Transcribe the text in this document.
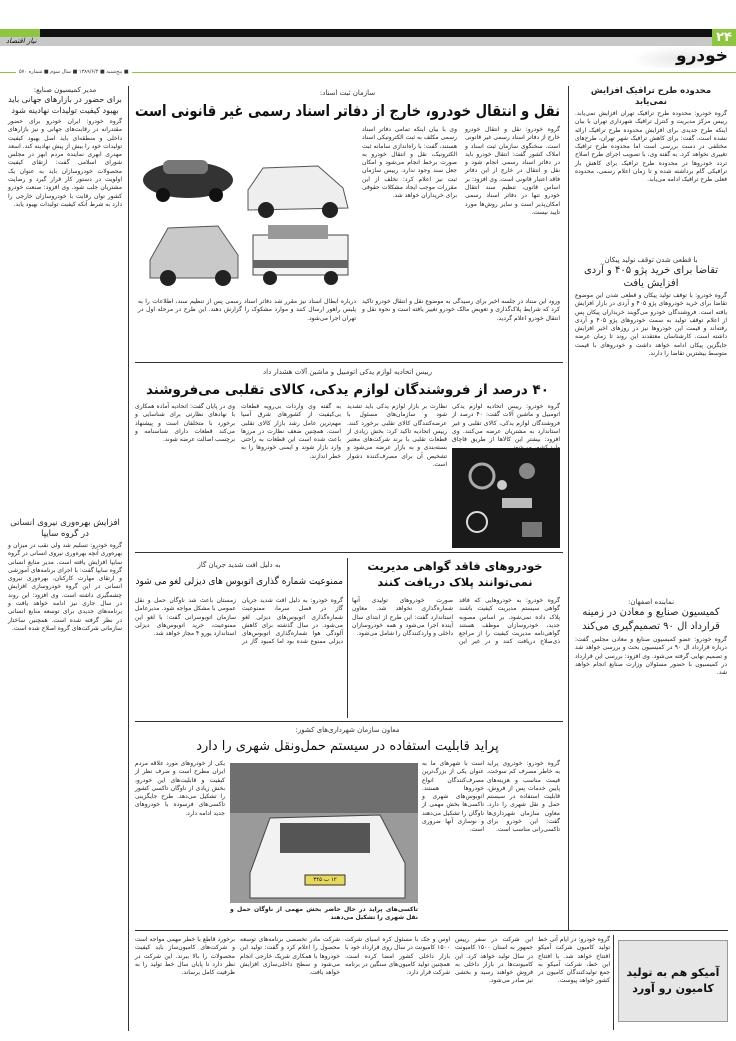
نیاز اقتصاد	۲۴
خودرو
■ پنج‌شنبه ■ ۱۳۸۹/۶/۴ ■ سال سوم ■ شماره ۵۷۰
محدوده طرح ترافیک افزایش نمی‌یابد
گروه خودرو: محدوده طرح ترافیک تهران افزایش نمی‌یابد. رییس مرکز مدیریت و کنترل ترافیک شهرداری تهران با بیان اینکه طرح جدیدی برای افزایش محدوده طرح ترافیک ارائه نشده است، گفت: برای کاهش ترافیک شهر تهران، طرح‌های مختلفی در دست بررسی است اما محدوده طرح ترافیک تغییری نخواهد کرد. به گفته وی، با تصویب اجرای طرح اصلاح تردد خودروها در محدوده طرح ترافیک برای کاهش بار ترافیکی گام برداشته شده و تا زمان اعلام رسمی، محدوده فعلی طرح ترافیک ادامه می‌یابد.
با قطعی شدن توقف تولید پیکان
تقاضا برای خرید پژو ۴۰۵ و آردی افزایش یافت
گروه خودرو: با توقف تولید پیکان و قطعی شدن این موضوع تقاضا برای خرید خودروهای پژو ۴۰۵ و آردی در بازار افزایش یافته است. فروشندگان خودرو می‌گویند خریداران پیکان پس از اعلام توقف تولید به سمت خودروهای پژو ۴۰۵ و آردی رفته‌اند و قیمت این خودروها نیز در روزهای اخیر افزایش داشته است. کارشناسان معتقدند این روند تا زمان عرضه جایگزین پیکان ادامه خواهد داشت و خودروهای با قیمت متوسط بیشترین تقاضا را دارند.
نماینده اصفهان:
کمیسیون صنایع و معادن در زمینه قرارداد ال ۹۰ تصمیم‌گیری می‌کند
گروه خودرو: عضو کمیسیون صنایع و معادن مجلس گفت: درباره قرارداد ال ۹۰ در کمیسیون بحث و بررسی خواهد شد و تصمیم نهایی گرفته می‌شود. وی افزود: بررسی این قرارداد در کمیسیون با حضور مسئولان وزارت صنایع انجام خواهد شد.
مدیر کمیسیون صنایع:
برای حضور در بازارهای جهانی باید بهبود کیفیت تولیدات نهادینه شود
گروه خودرو: ایران خودرو برای حضور مقتدرانه در رقابت‌های جهانی و نیز بازارهای داخلی و منطقه‌ای باید اصل بهبود کیفیت تولیدات خود را بیش از پیش نهادینه کند. اسعد مهدری ابهری نماینده مردم ابهر در مجلس شورای اسلامی گفت: ارتقای کیفیت محصولات خودروسازان باید به عنوان یک اولویت در دستور کار قرار گیرد و رضایت مشتریان جلب شود. وی افزود: صنعت خودرو کشور توان رقابت با خودروسازان خارجی را دارد به شرط آنکه کیفیت تولیدات بهبود یابد.
افزایش بهره‌وری نیروی انسانی در گروه سایپا
گروه خودرو: تسلیم شد ولی نقب در میزان و بهره‌وری آنچه بهره‌وری نیروی انسانی در گروه سایپا افزایش یافته است. مدیر منابع انسانی گروه سایپا گفت: با اجرای برنامه‌های آموزشی و ارتقای مهارت کارکنان، بهره‌وری نیروی انسانی در این گروه خودروسازی افزایش چشمگیری داشته است. وی افزود: این روند در سال جاری نیز ادامه خواهد یافت و برنامه‌های جدیدی برای توسعه منابع انسانی در نظر گرفته شده است. همچنین ساختار سازمانی شرکت‌های گروه اصلاح شده است.
سازمان ثبت اسناد:
نقل و انتقال خودرو، خارج از دفاتر اسناد رسمی غیر قانونی است
گروه خودرو: نقل و انتقال خودرو خارج از دفاتر اسناد رسمی غیر قانونی است. سخنگوی سازمان ثبت اسناد و املاک کشور گفت: انتقال خودرو باید در دفاتر اسناد رسمی انجام شود و نقل و انتقال در خارج از این دفاتر فاقد اعتبار قانونی است. وی افزود: بر اساس قانون، تنظیم سند انتقال خودرو تنها در دفاتر اسناد رسمی امکان‌پذیر است و سایر روش‌ها مورد تایید نیست.
وی با بیان اینکه تمامی دفاتر اسناد رسمی مکلف به ثبت الکترونیکی اسناد هستند، گفت: با راه‌اندازی سامانه ثبت الکترونیک، نقل و انتقال خودرو به صورت برخط انجام می‌شود و امکان جعل سند وجود ندارد. رییس سازمان ثبت نیز اعلام کرد: تخلف از این مقررات موجب ایجاد مشکلات حقوقی برای خریداران خواهد شد.
ورود این ستاد در جلسه اخیر برای رسیدگی به موضوع نقل و انتقال خودرو تاکید کرد که شرایط پلاک‌گذاری و تعویض مالک خودرو تغییر یافته است و نحوه نقل و انتقال خودرو اعلام گردید.
درباره ابطال اسناد نیز مقرر شد دفاتر اسناد رسمی پس از تنظیم سند، اطلاعات را به پلیس راهور ارسال کنند و موارد مشکوک را گزارش دهند. این طرح در مرحله اول در تهران اجرا می‌شود.
رییس اتحادیه لوازم یدکی اتومبیل و ماشین آلات هشدار داد
۴۰ درصد از فروشندگان لوازم یدکی، کالای تقلبی می‌فروشند
گروه خودرو: رییس اتحادیه لوازم یدکی اتومبیل و ماشین آلات گفت: ۴۰ درصد از فروشندگان لوازم یدکی، کالای تقلبی و غیر استاندارد به مشتریان عرضه می‌کنند. وی افزود: بیشتر این کالاها از طریق قاچاق
نظارت بر بازار لوازم یدکی باید تشدید شود و سازمان‌های مسئول با عرضه‌کنندگان کالای تقلبی برخورد کنند. رییس اتحادیه تاکید کرد: بخش زیادی از قطعات تقلبی با برند شرکت‌های معتبر بسته‌بندی و به بازار عرضه می‌شود و تشخیص آن برای مصرف‌کننده دشوار است.
به گفته وی واردات بی‌رویه قطعات بی‌کیفیت از کشورهای شرق آسیا مهم‌ترین عامل رشد بازار کالای تقلبی است. همچنین ضعف نظارت در مرزها باعث شده است این قطعات به راحتی وارد بازار شوند و ایمنی خودروها را به خطر اندازند.
وی در پایان گفت: اتحادیه آماده همکاری با نهادهای نظارتی برای شناسایی و برخورد با متخلفان است و پیشنهاد می‌کند قطعات دارای شناسنامه و برچسب اصالت عرضه شوند.
خودروهای فاقد گواهی مدیریت نمی‌توانند پلاک دریافت کنند
گروه خودرو: به خودروهایی که فاقد گواهی سیستم مدیریت کیفیت باشند پلاک داده نمی‌شود. بر اساس مصوبه جدید، خودروسازان موظف هستند گواهی‌نامه مدیریت کیفیت را از مراجع ذی‌صلاح دریافت کنند و در غیر این صورت خودروهای تولیدی آنها شماره‌گذاری نخواهد شد. معاون استاندارد گفت: این طرح از ابتدای سال آینده اجرا می‌شود و همه خودروسازان داخلی و واردکنندگان را شامل می‌شود.
به دلیل افت شدید جریان گاز
ممنوعیت شماره گذاری اتوبوس های دیزلی لغو می شود
گروه خودرو: به دلیل افت شدید جریان گاز در فصل سرما، ممنوعیت شماره‌گذاری اتوبوس‌های دیزلی لغو می‌شود. در سال گذشته برای کاهش آلودگی هوا شماره‌گذاری اتوبوس‌های دیزلی ممنوع شده بود اما کمبود گاز در زمستان باعث شد ناوگان حمل و نقل عمومی با مشکل مواجه شود. مدیرعامل سازمان اتوبوسرانی گفت: با لغو این ممنوعیت، خرید اتوبوس‌های دیزلی استاندارد یورو ۴ مجاز خواهد شد.
معاون سازمان شهرداری‌های کشور:
پراید قابلیت استفاده در سیستم حمل‌ونقل شهری را دارد
گروه خودرو: خودروی پراید به خاطر مصرف کم سوخت، قیمت مناسب و هزینه‌های پایین خدمات پس از فروش، قابلیت استفاده در سیستم حمل و نقل شهری را دارد. معاون سازمان شهرداری‌ها گفت: این خودرو برای تاکسی‌رانی مناسب است.
است با شهرهای ما به عنوان یکی از بزرگ‌ترین مصرف‌کنندگان انواع خودروها هستند. اتوبوس‌های شهری و تاکسی‌ها بخش مهمی از ناوگان را تشکیل می‌دهند و نوسازی آنها ضروری است.
۱۲ ب ۳۴۵
تاکسی‌های پراید در حال حاضر بخش مهمی از ناوگان حمل و نقل شهری را تشکیل می‌دهند
یکی از خودروهای مورد علاقه مردم ایران مطرح است و صرف نظر از کیفیت و قابلیت‌های این خودرو، بخش زیادی از ناوگان تاکسی کشور را تشکیل می‌دهد. طرح جایگزینی تاکسی‌های فرسوده با خودروهای جدید ادامه دارد.
آمیکو هم به تولید کامیون رو آورد
گروه خودرو: در ایام آتی خط تولید کامیون شرکت آمیکو افتتاح خواهد شد. با افتتاح این خط، شرکت آمیکو به جمع تولیدکنندگان کامیون در کشور خواهد پیوست.
این شرکت در سفر رییس جمهور به استان ۱۵۰۰ کامیونت در سال تولید خواهد کرد. این کامیونت‌ها در بازار داخلی به فروش خواهند رسید و بخشی نیز صادر می‌شود.
اوس و جک با مسئول کره اسیای شرکت ۱۵۰۰ کامیونت در سال روی قرارداد خود با بازار داخلی کشور امضا کرده است. همچنین تولید کامیون‌های سنگین در برنامه شرکت قرار دارد.
شرکت مادر تخصصی برنامه‌های توسعه محصول را اعلام کرد و گفت: تولید این خودروها با همکاری شریک خارجی انجام می‌شود و سطح داخلی‌سازی افزایش خواهد یافت.
برخورد قاطع با خطر مهمی مواجه است و شرکت‌های کامیون‌ساز باید کیفیت محصولات را بالا ببرند. این شرکت در نظر دارد تا پایان سال خط تولید را به ظرفیت کامل برساند.
